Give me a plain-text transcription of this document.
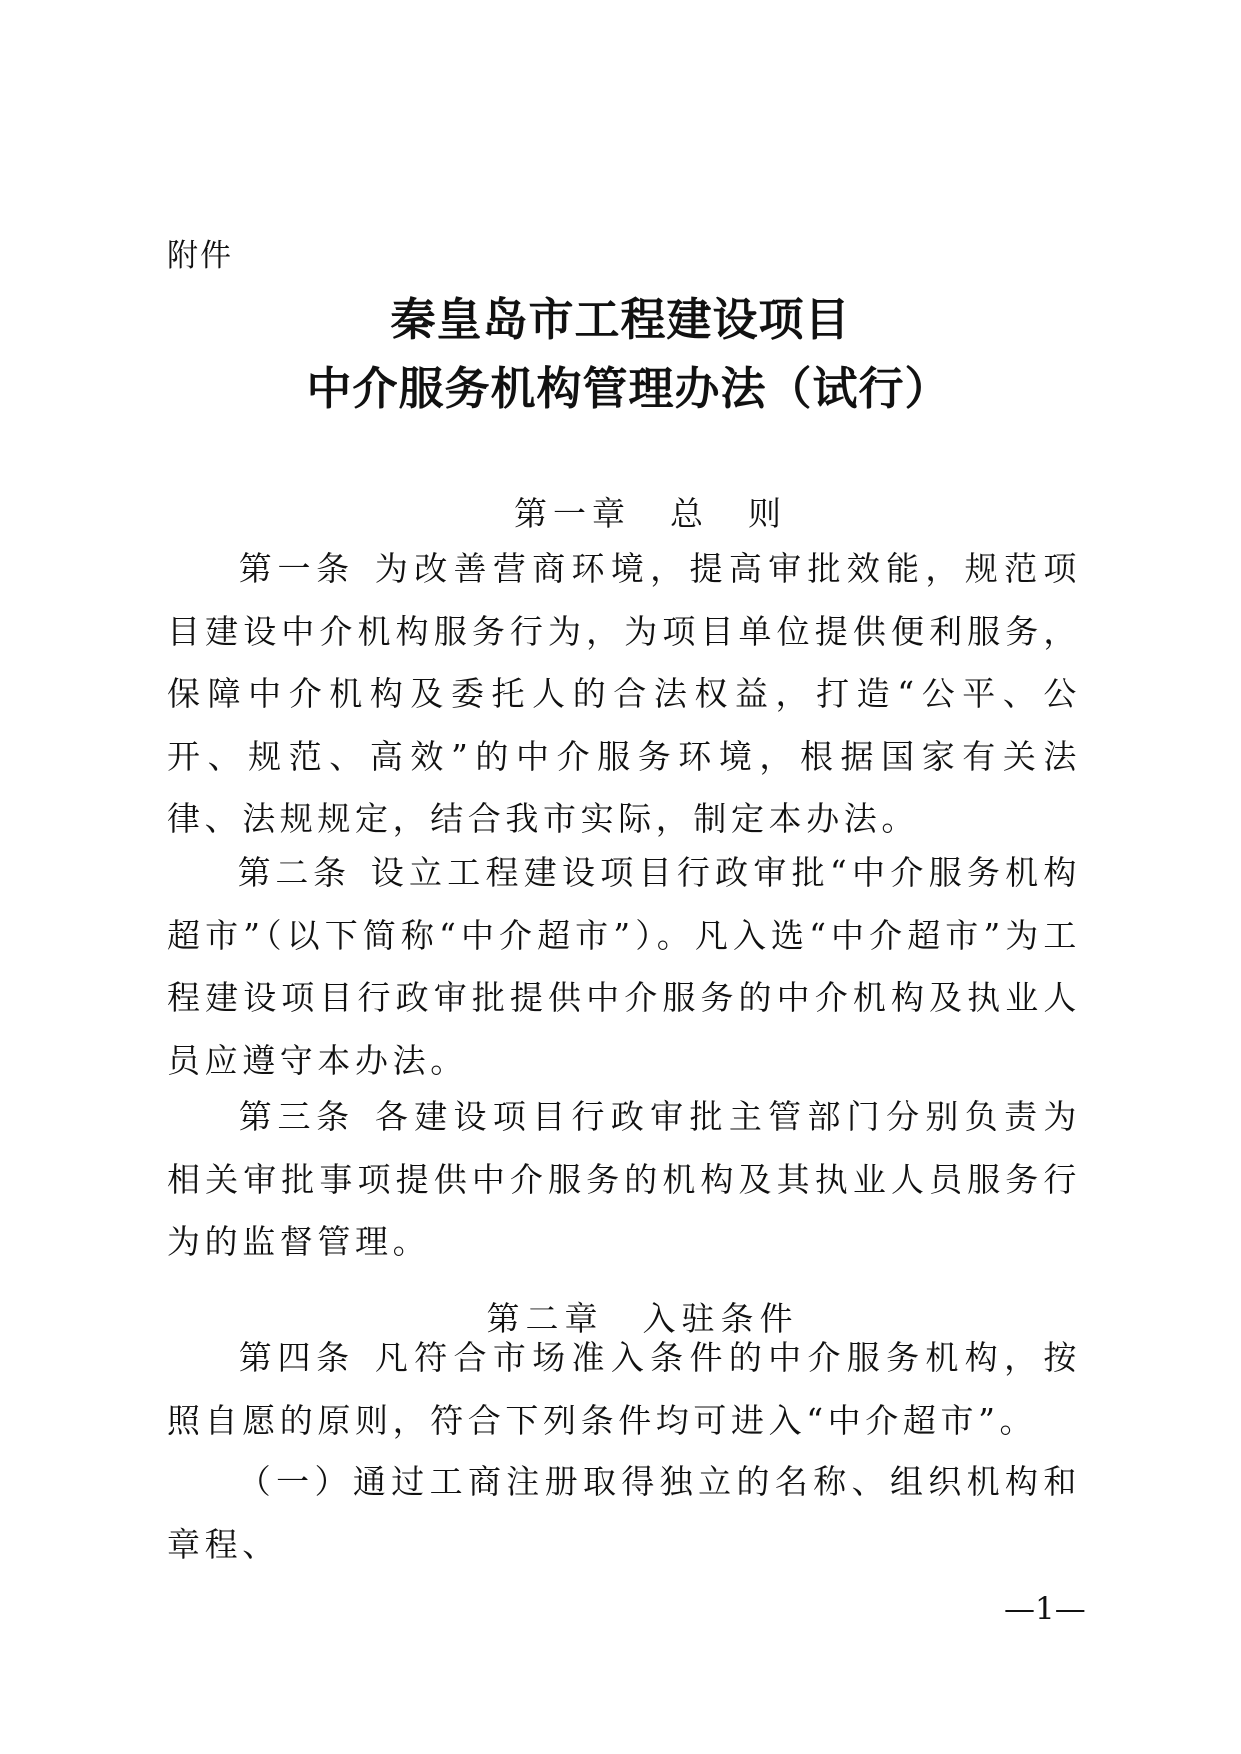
附件
秦皇岛市工程建设项目
中介服务机构管理办法（试行）
第一章　总　则
第一条 为改善营商环境，提高审批效能，规范项目建设中介机构服务行为，为项目单位提供便利服务，保障中介机构及委托人的合法权益，打造“公平、公开、规范、高效”的中介服务环境，根据国家有关法律、法规规定，结合我市实际，制定本办法。
第二条 设立工程建设项目行政审批“中介服务机构超市”（以下简称“中介超市”）。凡入选“中介超市”为工程建设项目行政审批提供中介服务的中介机构及执业人员应遵守本办法。
第三条 各建设项目行政审批主管部门分别负责为相关审批事项提供中介服务的机构及其执业人员服务行为的监督管理。
第二章　入驻条件
第四条 凡符合市场准入条件的中介服务机构，按照自愿的原则，符合下列条件均可进入“中介超市”。
（一）通过工商注册取得独立的名称、组织机构和章程、
—1—
